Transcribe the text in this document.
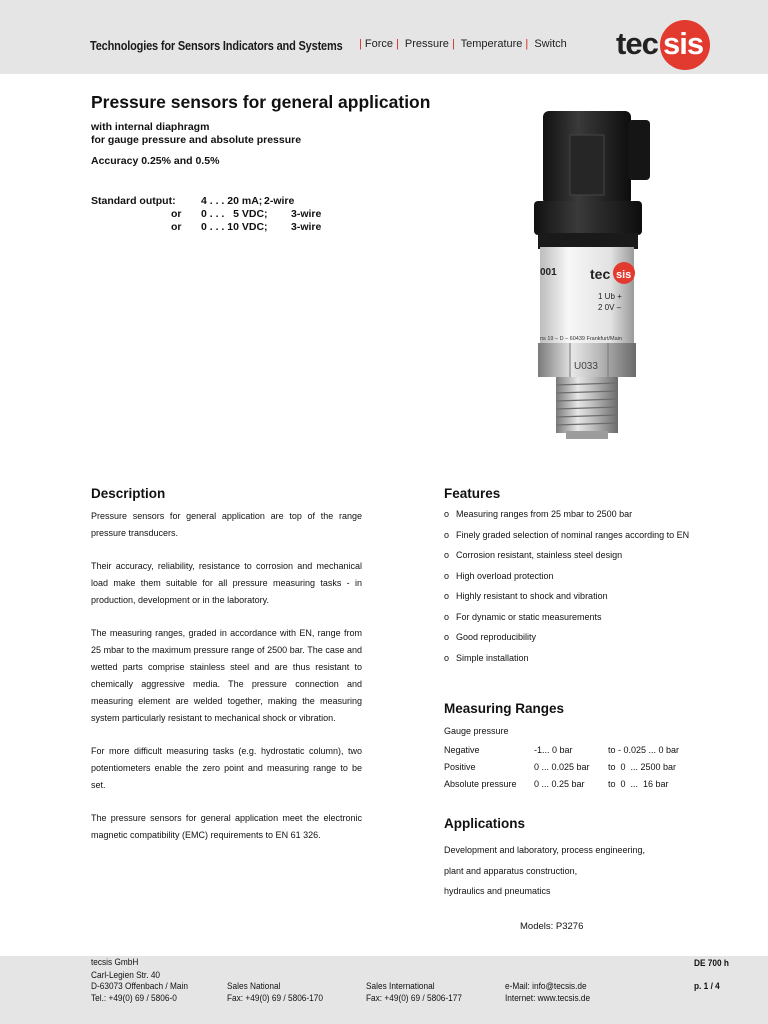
Technologies for Sensors Indicators and Systems | Force | Pressure | Temperature | Switch tec sis
Pressure sensors for general application
with internal diaphragm
for gauge pressure and absolute pressure
Accuracy 0.25% and 0.5%
Standard output: 4 . . . 20 mA; 2-wire
or 0 . . .   5 VDC; 3-wire
or 0 . . . 10 VDC; 3-wire
001 tec sis
1 Ub +
2 0V –
ns 19 – D – 60439 Frankfurt/Main
U033
Description

Pressure sensors for general application are top of the range pressure transducers.

Their accuracy, reliability, resistance to corrosion and mechanical load make them suitable for all pressure measuring tasks - in production, development or in the laboratory.

The measuring ranges, graded in accordance with EN, range from 25 mbar to the maximum pressure range of 2500 bar. The case and wetted parts comprise stainless steel and are thus resistant to chemically aggressive media. The pressure connection and measuring element are welded together, making the measuring system particularly resistant to mechanical shock or vibration.

For more difficult measuring tasks (e.g. hydrostatic column), two potentiometers enable the zero point and measuring range to be set.

The pressure sensors for general application meet the electronic magnetic compatibility (EMC) requirements to EN 61 326.

Features
o Measuring ranges from 25 mbar to 2500 bar
o Finely graded selection of nominal ranges according to EN
o Corrosion resistant, stainless steel design
o High overload protection
o Highly resistant to shock and vibration
o For dynamic or static measurements
o Good reproducibility
o Simple installation
Measuring Ranges
Gauge pressure
Negative	-1... 0 bar	to - 0.025 ... 0 bar
Positive	0 ... 0.025 bar to  0  ... 2500 bar
Absolute pressure 0 ... 0.25 bar	to  0  ...  16 bar
Applications
Development and laboratory, process engineering,
plant and apparatus construction,
hydraulics and pneumatics
Models: P3276
tecsis GmbH
Carl-Legien Str. 40
D-63073 Offenbach / Main
Tel.: +49(0) 69 / 5806-0
Sales National
Fax: +49(0) 69 / 5806-170
Sales International
Fax: +49(0) 69 / 5806-177
e-Mail: info@tecsis.de
Internet: www.tecsis.de
DE 700 h
p. 1 / 4
